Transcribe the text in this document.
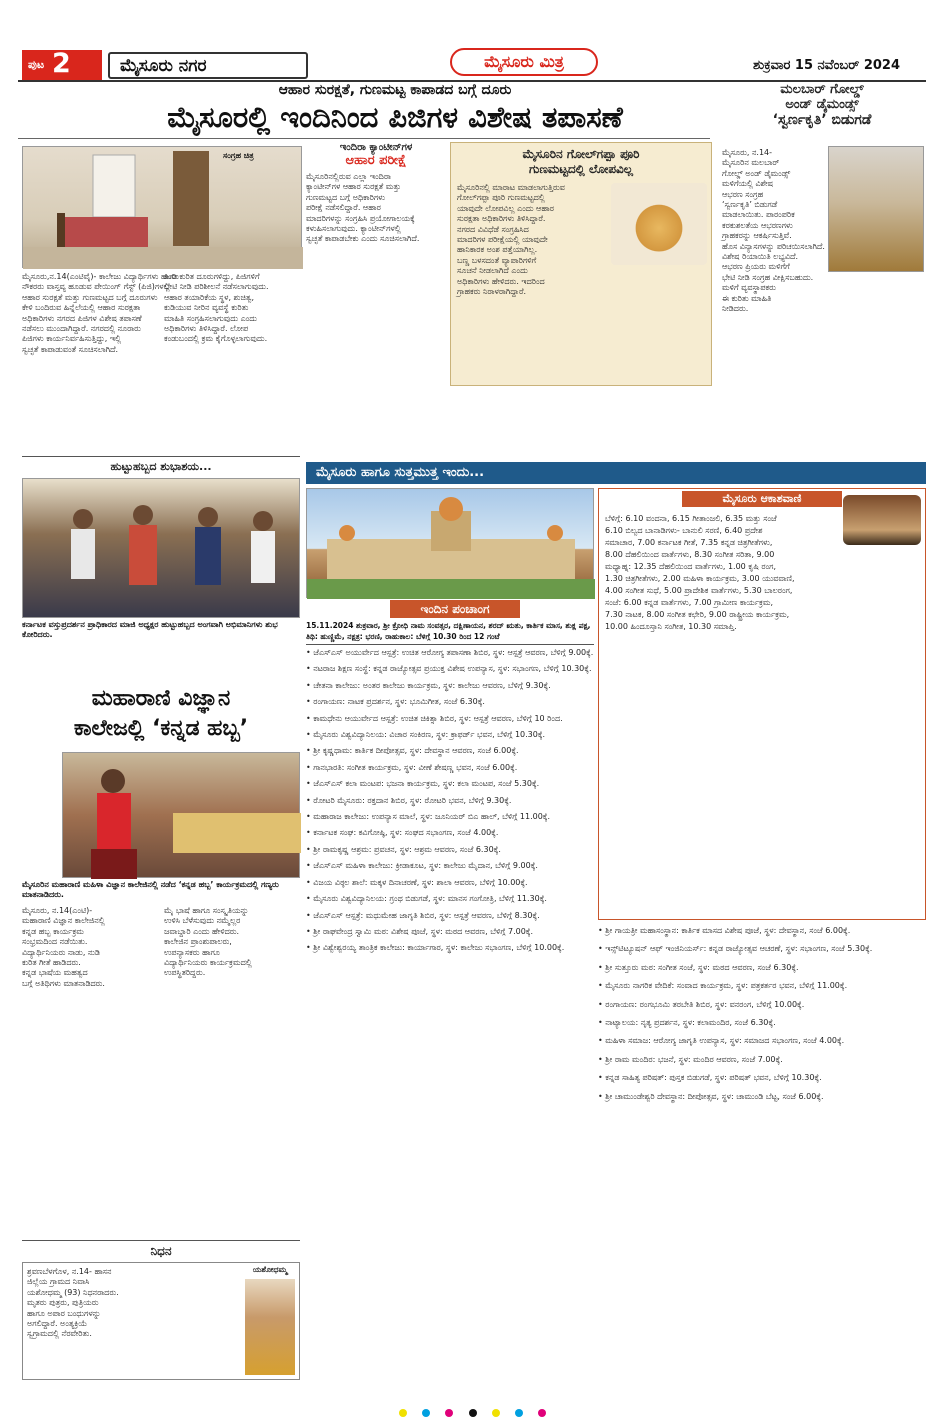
ಪುಟ 2	ಮೈಸೂರು ನಗರ	ಮೈಸೂರು ಮಿತ್ರ	ಶುಕ್ರವಾರ 15 ನವೆಂಬರ್ 2024
ಆಹಾರ ಸುರಕ್ಷತೆ, ಗುಣಮಟ್ಟ ಕಾಪಾಡದ ಬಗ್ಗೆ ದೂರು
ಮೈಸೂರಲ್ಲಿ ಇಂದಿನಿಂದ ಪಿಜಿಗಳ ವಿಶೇಷ ತಪಾಸಣೆ
ಸಂಗ್ರಹ ಚಿತ್ರ
ಮೈಸೂರು,ನ.14(ಎಂಟಿವೈ)- ಕಾಲೇಜು ವಿದ್ಯಾರ್ಥಿಗಳು ಹಾಗೂ
ನೌಕರರು ವಾಸ್ತವ್ಯ ಹೂಡುವ ಪೇಯಿಂಗ್ ಗೆಸ್ಟ್ (ಪಿಜಿ)ಗಳಲ್ಲಿ
ಆಹಾರ ಸುರಕ್ಷತೆ ಮತ್ತು ಗುಣಮಟ್ಟದ ಬಗ್ಗೆ ದೂರುಗಳು
ಕೇಳಿ ಬಂದಿರುವ ಹಿನ್ನೆಲೆಯಲ್ಲಿ ಆಹಾರ ಸುರಕ್ಷತಾ
ಅಧಿಕಾರಿಗಳು ನಗರದ ಪಿಜಿಗಳ ವಿಶೇಷ ತಪಾಸಣೆ
ನಡೆಸಲು ಮುಂದಾಗಿದ್ದಾರೆ. ನಗರದಲ್ಲಿ ನೂರಾರು
ಪಿಜಿಗಳು ಕಾರ್ಯನಿರ್ವಹಿಸುತ್ತಿದ್ದು, ಇಲ್ಲಿ
ಸ್ವಚ್ಛತೆ ಕಾಪಾಡುವಂತೆ ಸೂಚಿಸಲಾಗಿದೆ.
ತಿಂಡಿ ಕುರಿತ ದೂರುಗಳಿದ್ದು, ಪಿಜಿಗಳಿಗೆ
ಭೇಟಿ ನೀಡಿ ಪರಿಶೀಲನೆ ನಡೆಸಲಾಗುವುದು.
ಆಹಾರ ತಯಾರಿಕೆಯ ಸ್ಥಳ, ಶುಚಿತ್ವ,
ಕುಡಿಯುವ ನೀರಿನ ವ್ಯವಸ್ಥೆ ಕುರಿತು
ಮಾಹಿತಿ ಸಂಗ್ರಹಿಸಲಾಗುವುದು ಎಂದು
ಅಧಿಕಾರಿಗಳು ತಿಳಿಸಿದ್ದಾರೆ. ಲೋಪ
ಕಂಡುಬಂದಲ್ಲಿ ಕ್ರಮ ಕೈಗೊಳ್ಳಲಾಗುವುದು.
ಇಂದಿರಾ ಕ್ಯಾಂಟೀನ್‌ಗಳ
ಆಹಾರ ಪರೀಕ್ಷೆ
ಮೈಸೂರಿನಲ್ಲಿರುವ ಎಲ್ಲಾ ಇಂದಿರಾ
ಕ್ಯಾಂಟೀನ್‌ಗಳ ಆಹಾರ ಸುರಕ್ಷತೆ ಮತ್ತು
ಗುಣಮಟ್ಟದ ಬಗ್ಗೆ ಅಧಿಕಾರಿಗಳು
ಪರೀಕ್ಷೆ ನಡೆಸಲಿದ್ದಾರೆ. ಆಹಾರ
ಮಾದರಿಗಳನ್ನು ಸಂಗ್ರಹಿಸಿ ಪ್ರಯೋಗಾಲಯಕ್ಕೆ
ಕಳುಹಿಸಲಾಗುವುದು. ಕ್ಯಾಂಟೀನ್‌ಗಳಲ್ಲಿ
ಸ್ವಚ್ಛತೆ ಕಾಪಾಡಬೇಕು ಎಂದು ಸೂಚಿಸಲಾಗಿದೆ.
ಮೈಸೂರಿನ ಗೋಲ್‌ಗಪ್ಪಾ ಪೂರಿ
ಗುಣಮಟ್ಟದಲ್ಲಿ ಲೋಪವಿಲ್ಲ
ಮೈಸೂರಿನಲ್ಲಿ ಮಾರಾಟ ಮಾಡಲಾಗುತ್ತಿರುವ
ಗೋಲ್‌ಗಪ್ಪಾ ಪೂರಿ ಗುಣಮಟ್ಟದಲ್ಲಿ
ಯಾವುದೇ ಲೋಪವಿಲ್ಲ ಎಂದು ಆಹಾರ
ಸುರಕ್ಷತಾ ಅಧಿಕಾರಿಗಳು ತಿಳಿಸಿದ್ದಾರೆ.
ನಗರದ ವಿವಿಧೆಡೆ ಸಂಗ್ರಹಿಸಿದ
ಮಾದರಿಗಳ ಪರೀಕ್ಷೆಯಲ್ಲಿ ಯಾವುದೇ
ಹಾನಿಕಾರಕ ಅಂಶ ಪತ್ತೆಯಾಗಿಲ್ಲ.
ಬಣ್ಣ ಬಳಸದಂತೆ ವ್ಯಾಪಾರಿಗಳಿಗೆ
ಸೂಚನೆ ನೀಡಲಾಗಿದೆ ಎಂದು
ಅಧಿಕಾರಿಗಳು ಹೇಳಿದರು. ಇದರಿಂದ
ಗ್ರಾಹಕರು ನಿರಾಳರಾಗಿದ್ದಾರೆ.
ಮಲಬಾರ್ ಗೋಲ್ಡ್
ಅಂಡ್ ಡೈಮಂಡ್ಸ್
‘ಸ್ವರ್ಣಕೃತಿ’ ಬಿಡುಗಡೆ
ಮೈಸೂರು, ನ.14-
ಮೈಸೂರಿನ ಮಲಬಾರ್
ಗೋಲ್ಡ್ ಅಂಡ್ ಡೈಮಂಡ್ಸ್
ಮಳಿಗೆಯಲ್ಲಿ ವಿಶೇಷ
ಆಭರಣ ಸಂಗ್ರಹ
‘ಸ್ವರ್ಣಕೃತಿ’ ಬಿಡುಗಡೆ
ಮಾಡಲಾಯಿತು. ಪಾರಂಪರಿಕ
ಕರಕುಶಲತೆಯ ಆಭರಣಗಳು
ಗ್ರಾಹಕರನ್ನು ಆಕರ್ಷಿಸುತ್ತಿವೆ.
ಹೊಸ ವಿನ್ಯಾಸಗಳನ್ನು ಪರಿಚಯಿಸಲಾಗಿದೆ.
ವಿಶೇಷ ರಿಯಾಯಿತಿ ಲಭ್ಯವಿದೆ.
ಆಭರಣ ಪ್ರಿಯರು ಮಳಿಗೆಗೆ
ಭೇಟಿ ನೀಡಿ ಸಂಗ್ರಹ ವೀಕ್ಷಿಸಬಹುದು.
ಮಳಿಗೆ ವ್ಯವಸ್ಥಾಪಕರು
ಈ ಕುರಿತು ಮಾಹಿತಿ
ನೀಡಿದರು.
ಹುಟ್ಟುಹಬ್ಬದ ಶುಭಾಶಯ...
ಕರ್ನಾಟಕ ವಸ್ತುಪ್ರದರ್ಶನ ಪ್ರಾಧಿಕಾರದ ಮಾಜಿ ಅಧ್ಯಕ್ಷರ ಹುಟ್ಟುಹಬ್ಬದ ಅಂಗವಾಗಿ ಅಭಿಮಾನಿಗಳು ಶುಭ ಕೋರಿದರು.
ಮಹಾರಾಣಿ ವಿಜ್ಞಾನ
ಕಾಲೇಜಲ್ಲಿ ‘ಕನ್ನಡ ಹಬ್ಬ’
ಮೈಸೂರಿನ ಮಹಾರಾಣಿ ಮಹಿಳಾ ವಿಜ್ಞಾನ ಕಾಲೇಜಿನಲ್ಲಿ ನಡೆದ ‘ಕನ್ನಡ ಹಬ್ಬ’ ಕಾರ್ಯಕ್ರಮದಲ್ಲಿ ಗಣ್ಯರು ಮಾತನಾಡಿದರು.
ಮೈಸೂರು, ನ.14(ಎಂಟಿ)-
ಮಹಾರಾಣಿ ವಿಜ್ಞಾನ ಕಾಲೇಜಿನಲ್ಲಿ
ಕನ್ನಡ ಹಬ್ಬ ಕಾರ್ಯಕ್ರಮ
ಸಂಭ್ರಮದಿಂದ ನಡೆಯಿತು.
ವಿದ್ಯಾರ್ಥಿನಿಯರು ನಾಡು, ನುಡಿ
ಕುರಿತ ಗೀತೆ ಹಾಡಿದರು.
ಕನ್ನಡ ಭಾಷೆಯ ಮಹತ್ವದ
ಬಗ್ಗೆ ಅತಿಥಿಗಳು ಮಾತನಾಡಿದರು.
ಮೈ ಭಾಷೆ ಹಾಗೂ ಸಂಸ್ಕೃತಿಯನ್ನು
ಉಳಿಸಿ ಬೆಳೆಸುವುದು ನಮ್ಮೆಲ್ಲರ
ಜವಾಬ್ದಾರಿ ಎಂದು ಹೇಳಿದರು.
ಕಾಲೇಜಿನ ಪ್ರಾಂಶುಪಾಲರು,
ಉಪನ್ಯಾಸಕರು ಹಾಗೂ
ವಿದ್ಯಾರ್ಥಿನಿಯರು ಕಾರ್ಯಕ್ರಮದಲ್ಲಿ
ಉಪಸ್ಥಿತರಿದ್ದರು.
ನಿಧನ
ಯಶೋಧಮ್ಮ
ಶ್ರವಣಬೆಳಗೊಳ, ನ.14- ಹಾಸನ
ಜಿಲ್ಲೆಯ ಗ್ರಾಮದ ನಿವಾಸಿ
ಯಶೋಧಮ್ಮ (93) ನಿಧನರಾದರು.
ಮೃತರು ಪುತ್ರರು, ಪುತ್ರಿಯರು
ಹಾಗೂ ಅಪಾರ ಬಂಧುಗಳನ್ನು
ಅಗಲಿದ್ದಾರೆ. ಅಂತ್ಯಕ್ರಿಯೆ
ಸ್ವಗ್ರಾಮದಲ್ಲಿ ನೆರವೇರಿತು.
ಮೈಸೂರು ಹಾಗೂ ಸುತ್ತಮುತ್ತ ಇಂದು...
ಮೈಸೂರು ಆಕಾಶವಾಣಿ
ಬೆಳಿಗ್ಗೆ: 6.10 ವಂದನಾ, 6.15 ಗೀತಾಂಜಲಿ, 6.35 ಮತ್ತು ಸಂಜೆ
6.10 ಬಿಲ್ವದ ಬಾನಾಡಿಗಳು- ಬಾನುಲಿ ಸರಣಿ, 6.40 ಪ್ರದೇಶ
ಸಮಾಚಾರ, 7.00 ಕರ್ನಾಟಕ ಗೀತೆ, 7.35 ಕನ್ನಡ ಚಿತ್ರಗೀತೆಗಳು,
8.00 ದೆಹಲಿಯಿಂದ ವಾರ್ತೆಗಳು, 8.30 ಸಂಗೀತ ಸರಿತಾ, 9.00
ಮಧ್ಯಾಹ್ನ: 12.35 ದೆಹಲಿಯಿಂದ ವಾರ್ತೆಗಳು, 1.00 ಕೃಷಿ ರಂಗ,
1.30 ಚಿತ್ರಗೀತೆಗಳು, 2.00 ಮಹಿಳಾ ಕಾರ್ಯಕ್ರಮ, 3.00 ಯುವವಾಣಿ,
4.00 ಸಂಗೀತ ಸುಧೆ, 5.00 ಪ್ರಾದೇಶಿಕ ವಾರ್ತೆಗಳು, 5.30 ಬಾಲರಂಗ,
ಸಂಜೆ: 6.00 ಕನ್ನಡ ವಾರ್ತೆಗಳು, 7.00 ಗ್ರಾಮೀಣ ಕಾರ್ಯಕ್ರಮ,
7.30 ನಾಟಕ, 8.00 ಸಂಗೀತ ಕಛೇರಿ, 9.00 ರಾಷ್ಟ್ರೀಯ ಕಾರ್ಯಕ್ರಮ,
10.00 ಹಿಂದೂಸ್ತಾನಿ ಸಂಗೀತ, 10.30 ಸಮಾಪ್ತಿ.
ಇಂದಿನ ಪಂಚಾಂಗ
15.11.2024 ಶುಕ್ರವಾರ, ಶ್ರೀ ಕ್ರೋಧಿ ನಾಮ ಸಂವತ್ಸರ, ದಕ್ಷಿಣಾಯನ, ಶರದ್ ಋತು, ಕಾರ್ತಿಕ ಮಾಸ, ಶುಕ್ಲ ಪಕ್ಷ,
ತಿಥಿ: ಹುಣ್ಣಿಮೆ, ನಕ್ಷತ್ರ: ಭರಣಿ, ರಾಹುಕಾಲ: ಬೆಳಿಗ್ಗೆ 10.30 ರಿಂದ 12 ಗಂಟೆ
• ಜೆಎಸ್ಎಸ್ ಅಯುರ್ವೇದ ಆಸ್ಪತ್ರೆ: ಉಚಿತ ಆರೋಗ್ಯ ತಪಾಸಣಾ ಶಿಬಿರ, ಸ್ಥಳ: ಆಸ್ಪತ್ರೆ ಆವರಣ, ಬೆಳಿಗ್ಗೆ 9.00ಕ್ಕೆ.
• ನಟರಾಜ ಶಿಕ್ಷಣ ಸಂಸ್ಥೆ: ಕನ್ನಡ ರಾಜ್ಯೋತ್ಸವ ಪ್ರಯುಕ್ತ ವಿಶೇಷ ಉಪನ್ಯಾಸ, ಸ್ಥಳ: ಸಭಾಂಗಣ, ಬೆಳಿಗ್ಗೆ 10.30ಕ್ಕೆ.
• ಚೇತನಾ ಕಾಲೇಜು: ಅಂತರ ಕಾಲೇಜು ಕಾರ್ಯಕ್ರಮ, ಸ್ಥಳ: ಕಾಲೇಜು ಆವರಣ, ಬೆಳಿಗ್ಗೆ 9.30ಕ್ಕೆ.
• ರಂಗಾಯಣ: ನಾಟಕ ಪ್ರದರ್ಶನ, ಸ್ಥಳ: ಭೂಮಿಗೀತ, ಸಂಜೆ 6.30ಕ್ಕೆ.
• ಕಾಮಧೇನು ಆಯುರ್ವೇದ ಆಸ್ಪತ್ರೆ: ಉಚಿತ ಚಿಕಿತ್ಸಾ ಶಿಬಿರ, ಸ್ಥಳ: ಆಸ್ಪತ್ರೆ ಆವರಣ, ಬೆಳಿಗ್ಗೆ 10 ರಿಂದ.
• ಮೈಸೂರು ವಿಶ್ವವಿದ್ಯಾನಿಲಯ: ವಿಚಾರ ಸಂಕಿರಣ, ಸ್ಥಳ: ಕ್ರಾಫರ್ಡ್ ಭವನ, ಬೆಳಿಗ್ಗೆ 10.30ಕ್ಕೆ.
• ಶ್ರೀ ಕೃಷ್ಣಧಾಮ: ಕಾರ್ತಿಕ ದೀಪೋತ್ಸವ, ಸ್ಥಳ: ದೇವಸ್ಥಾನ ಆವರಣ, ಸಂಜೆ 6.00ಕ್ಕೆ.
• ಗಾನಭಾರತಿ: ಸಂಗೀತ ಕಾರ್ಯಕ್ರಮ, ಸ್ಥಳ: ವೀಣೆ ಶೇಷಣ್ಣ ಭವನ, ಸಂಜೆ 6.00ಕ್ಕೆ.
• ಜೆಎಸ್ಎಸ್ ಕಲಾ ಮಂಟಪ: ಭಜನಾ ಕಾರ್ಯಕ್ರಮ, ಸ್ಥಳ: ಕಲಾ ಮಂಟಪ, ಸಂಜೆ 5.30ಕ್ಕೆ.
• ರೋಟರಿ ಮೈಸೂರು: ರಕ್ತದಾನ ಶಿಬಿರ, ಸ್ಥಳ: ರೋಟರಿ ಭವನ, ಬೆಳಿಗ್ಗೆ 9.30ಕ್ಕೆ.
• ಮಹಾರಾಜ ಕಾಲೇಜು: ಉಪನ್ಯಾಸ ಮಾಲೆ, ಸ್ಥಳ: ಜೂನಿಯರ್ ಬಿಎ ಹಾಲ್, ಬೆಳಿಗ್ಗೆ 11.00ಕ್ಕೆ.
• ಕರ್ನಾಟಕ ಸಂಘ: ಕವಿಗೋಷ್ಠಿ, ಸ್ಥಳ: ಸಂಘದ ಸಭಾಂಗಣ, ಸಂಜೆ 4.00ಕ್ಕೆ.
• ಶ್ರೀ ರಾಮಕೃಷ್ಣ ಆಶ್ರಮ: ಪ್ರವಚನ, ಸ್ಥಳ: ಆಶ್ರಮ ಆವರಣ, ಸಂಜೆ 6.30ಕ್ಕೆ.
• ಜೆಎಸ್ಎಸ್ ಮಹಿಳಾ ಕಾಲೇಜು: ಕ್ರೀಡಾಕೂಟ, ಸ್ಥಳ: ಕಾಲೇಜು ಮೈದಾನ, ಬೆಳಿಗ್ಗೆ 9.00ಕ್ಕೆ.
• ವಿಜಯ ವಿಠ್ಠಲ ಶಾಲೆ: ಮಕ್ಕಳ ದಿನಾಚರಣೆ, ಸ್ಥಳ: ಶಾಲಾ ಆವರಣ, ಬೆಳಿಗ್ಗೆ 10.00ಕ್ಕೆ.
• ಮೈಸೂರು ವಿಶ್ವವಿದ್ಯಾನಿಲಯ: ಗ್ರಂಥ ಬಿಡುಗಡೆ, ಸ್ಥಳ: ಮಾನಸ ಗಂಗೋತ್ರಿ, ಬೆಳಿಗ್ಗೆ 11.30ಕ್ಕೆ.
• ಜೆಎಸ್ಎಸ್ ಆಸ್ಪತ್ರೆ: ಮಧುಮೇಹ ಜಾಗೃತಿ ಶಿಬಿರ, ಸ್ಥಳ: ಆಸ್ಪತ್ರೆ ಆವರಣ, ಬೆಳಿಗ್ಗೆ 8.30ಕ್ಕೆ.
• ಶ್ರೀ ರಾಘವೇಂದ್ರ ಸ್ವಾಮಿ ಮಠ: ವಿಶೇಷ ಪೂಜೆ, ಸ್ಥಳ: ಮಠದ ಆವರಣ, ಬೆಳಿಗ್ಗೆ 7.00ಕ್ಕೆ.
• ಶ್ರೀ ವಿಶ್ವೇಶ್ವರಯ್ಯ ತಾಂತ್ರಿಕ ಕಾಲೇಜು: ಕಾರ್ಯಾಗಾರ, ಸ್ಥಳ: ಕಾಲೇಜು ಸಭಾಂಗಣ, ಬೆಳಿಗ್ಗೆ 10.00ಕ್ಕೆ.
• ಶ್ರೀ ಗಾಯತ್ರೀ ಮಹಾಸಂಸ್ಥಾನ: ಕಾರ್ತಿಕ ಮಾಸದ ವಿಶೇಷ ಪೂಜೆ, ಸ್ಥಳ: ದೇವಸ್ಥಾನ, ಸಂಜೆ 6.00ಕ್ಕೆ.
• ಇನ್ಸ್‌ಟಿಟ್ಯೂಷನ್ ಆಫ್ ಇಂಜಿನಿಯರ್ಸ್: ಕನ್ನಡ ರಾಜ್ಯೋತ್ಸವ ಆಚರಣೆ, ಸ್ಥಳ: ಸಭಾಂಗಣ, ಸಂಜೆ 5.30ಕ್ಕೆ.
• ಶ್ರೀ ಸುತ್ತೂರು ಮಠ: ಸಂಗೀತ ಸಂಜೆ, ಸ್ಥಳ: ಮಠದ ಆವರಣ, ಸಂಜೆ 6.30ಕ್ಕೆ.
• ಮೈಸೂರು ನಾಗರಿಕ ವೇದಿಕೆ: ಸಂವಾದ ಕಾರ್ಯಕ್ರಮ, ಸ್ಥಳ: ಪತ್ರಕರ್ತರ ಭವನ, ಬೆಳಿಗ್ಗೆ 11.00ಕ್ಕೆ.
• ರಂಗಾಯಣ: ರಂಗಭೂಮಿ ತರಬೇತಿ ಶಿಬಿರ, ಸ್ಥಳ: ವನರಂಗ, ಬೆಳಿಗ್ಗೆ 10.00ಕ್ಕೆ.
• ನಾಟ್ಯಾಲಯ: ನೃತ್ಯ ಪ್ರದರ್ಶನ, ಸ್ಥಳ: ಕಲಾಮಂದಿರ, ಸಂಜೆ 6.30ಕ್ಕೆ.
• ಮಹಿಳಾ ಸಮಾಜ: ಆರೋಗ್ಯ ಜಾಗೃತಿ ಉಪನ್ಯಾಸ, ಸ್ಥಳ: ಸಮಾಜದ ಸಭಾಂಗಣ, ಸಂಜೆ 4.00ಕ್ಕೆ.
• ಶ್ರೀ ರಾಮ ಮಂದಿರ: ಭಜನೆ, ಸ್ಥಳ: ಮಂದಿರ ಆವರಣ, ಸಂಜೆ 7.00ಕ್ಕೆ.
• ಕನ್ನಡ ಸಾಹಿತ್ಯ ಪರಿಷತ್: ಪುಸ್ತಕ ಬಿಡುಗಡೆ, ಸ್ಥಳ: ಪರಿಷತ್ ಭವನ, ಬೆಳಿಗ್ಗೆ 10.30ಕ್ಕೆ.
• ಶ್ರೀ ಚಾಮುಂಡೇಶ್ವರಿ ದೇವಸ್ಥಾನ: ದೀಪೋತ್ಸವ, ಸ್ಥಳ: ಚಾಮುಂಡಿ ಬೆಟ್ಟ, ಸಂಜೆ 6.00ಕ್ಕೆ.
